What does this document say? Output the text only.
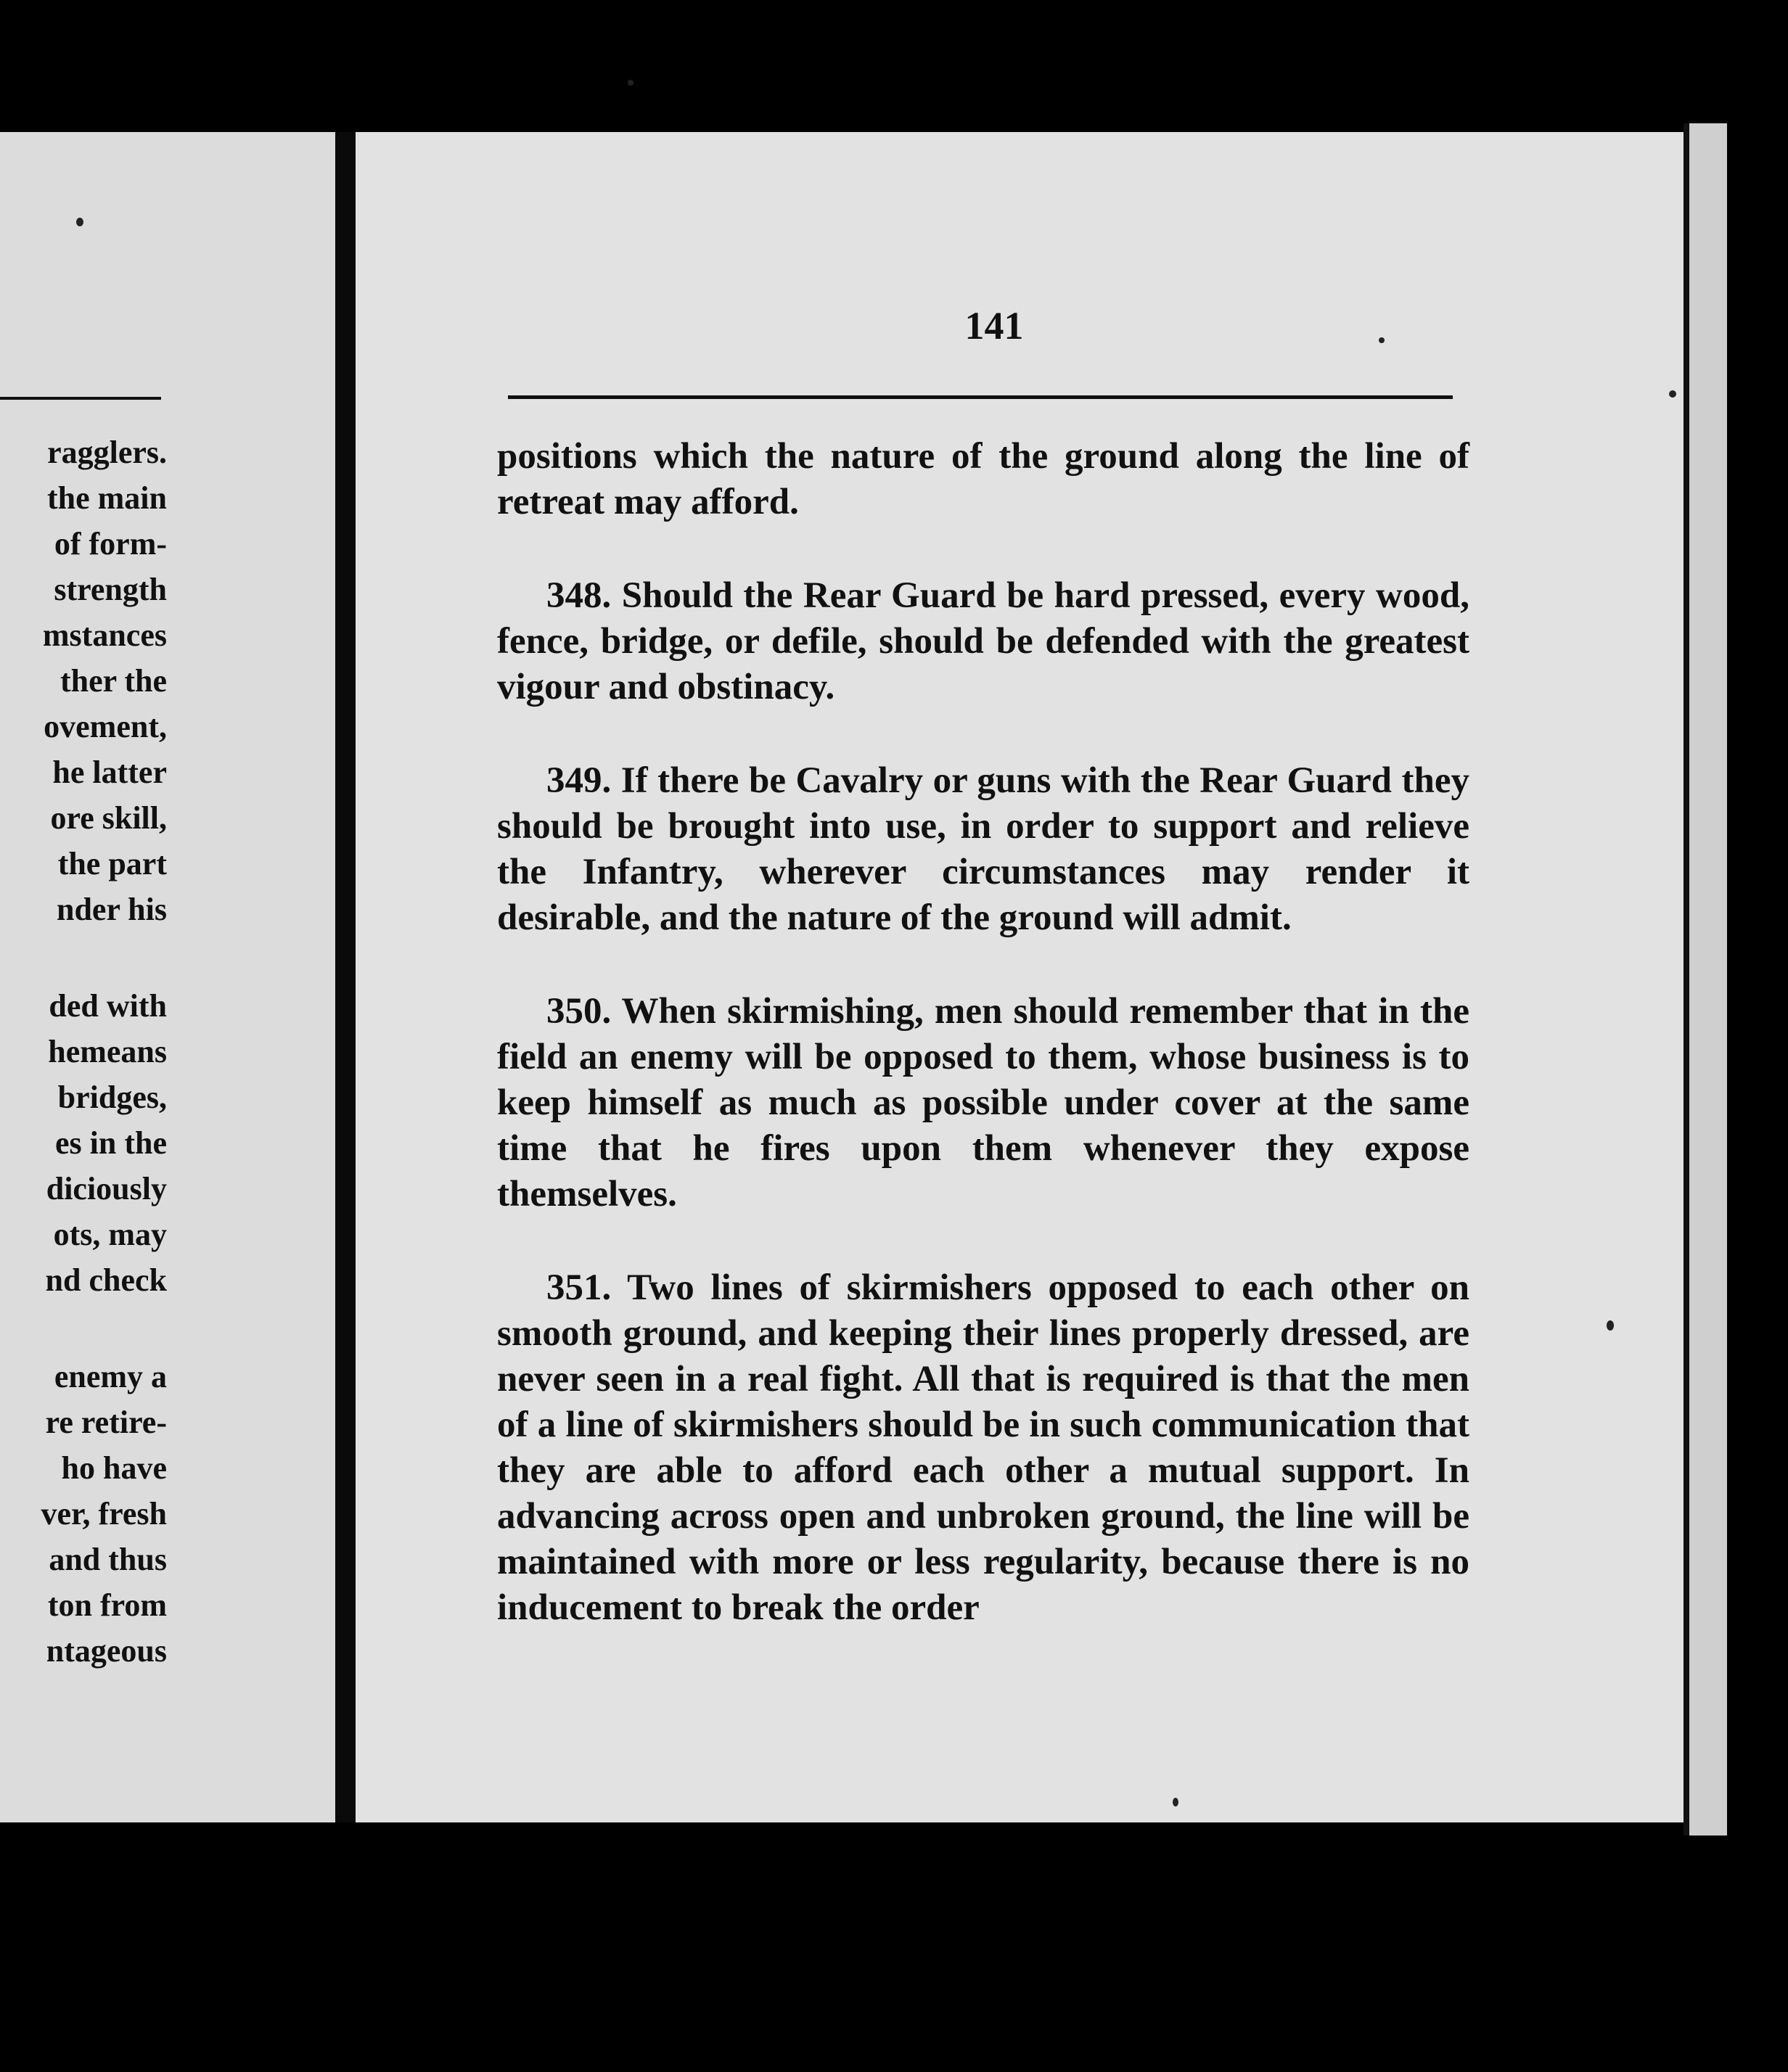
ragglers.
the main
of form-
strength
mstances
ther the
ovement,
he latter
ore skill,
the part
nder his
ded with
hemeans
bridges,
es in the
diciously
ots, may
nd check
enemy a
re retire-
ho have
ver, fresh
and thus
ton from
ntageous
141

positions which the nature of the ground along the line of retreat may afford.

348. Should the Rear Guard be hard pressed, every wood, fence, bridge, or defile, should be defended with the greatest vigour and obstinacy.

349. If there be Cavalry or guns with the Rear Guard they should be brought into use, in order to support and relieve the Infantry, wherever circumstances may render it desirable, and the nature of the ground will admit.

350. When skirmishing, men should remember that in the field an enemy will be opposed to them, whose business is to keep himself as much as possible under cover at the same time that he fires upon them whenever they expose themselves.

351. Two lines of skirmishers opposed to each other on smooth ground, and keeping their lines properly dressed, are never seen in a real fight. All that is required is that the men of a line of skirmishers should be in such communication that they are able to afford each other a mutual support. In advancing across open and unbroken ground, the line will be maintained with more or less regularity, because there is no inducement to break the order
